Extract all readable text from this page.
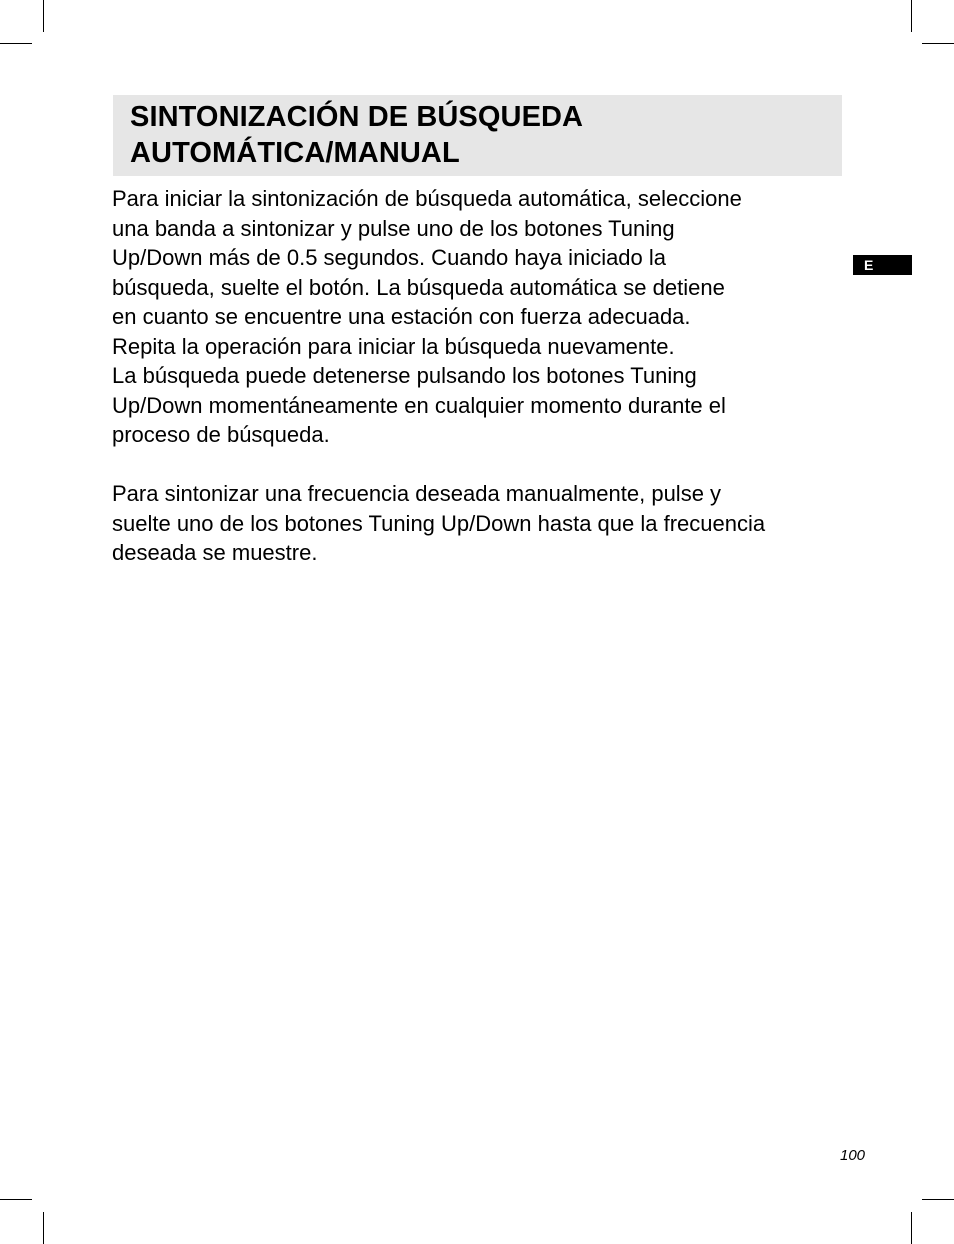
SINTONIZACIÓN DE BÚSQUEDA
AUTOMÁTICA/MANUAL

Para iniciar la sintonización de búsqueda automática, seleccione
una banda a sintonizar y pulse uno de los botones Tuning
Up/Down más de 0.5 segundos. Cuando haya iniciado la
búsqueda, suelte el botón. La búsqueda automática se detiene
en cuanto se encuentre una estación con fuerza adecuada.
Repita la operación para iniciar la búsqueda nuevamente.
La búsqueda puede detenerse pulsando los botones Tuning
Up/Down momentáneamente en cualquier momento durante el
proceso de búsqueda.

Para sintonizar una frecuencia deseada manualmente, pulse y
suelte uno de los botones Tuning Up/Down hasta que la frecuencia
deseada se muestre.

E
100
